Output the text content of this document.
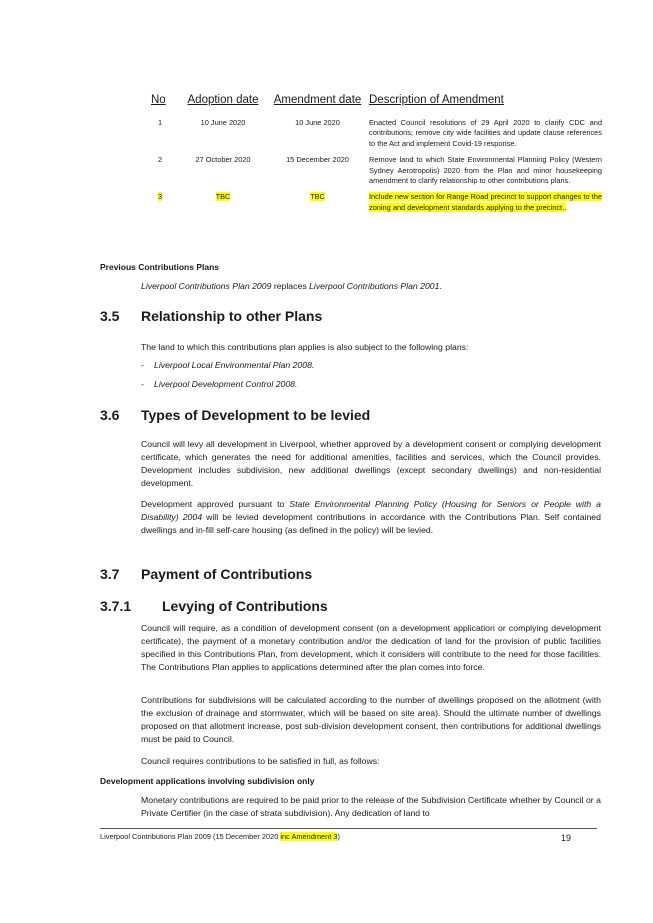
No	Adoption date	Amendment date	Description of Amendment
1	10 June 2020	10 June 2020	Enacted Council resolutions of 29 April 2020 to clarify CDC and contributions; remove city wide facilities and update clause references to the Act and implement Covid-19 response.
2	27 October 2020	15 December 2020	Remove land to which State Environmental Planning Policy (Western Sydney Aerotropolis) 2020 from the Plan and minor housekeeping amendment to clarify relationship to other contributions plans.
3	TBC	TBC	Include new section for Range Road precinct to support changes to the zoning and development standards applying to the precinct..

Previous Contributions Plans

Liverpool Contributions Plan 2009 replaces Liverpool Contributions Plan 2001.

3.5 Relationship to other Plans

The land to which this contributions plan applies is also subject to the following plans:

- Liverpool Local Environmental Plan 2008.

- Liverpool Development Control 2008.

3.6 Types of Development to be levied

Council will levy all development in Liverpool, whether approved by a development consent or complying development certificate, which generates the need for additional amenities, facilities and services, which the Council provides. Development includes subdivision, new additional dwellings (except secondary dwellings) and non-residential development.

Development approved pursuant to State Environmental Planning Policy (Housing for Seniors or People with a Disability) 2004 will be levied development contributions in accordance with the Contributions Plan. Self contained dwellings and in-fill self-care housing (as defined in the policy) will be levied.

3.7 Payment of Contributions

3.7.1 Levying of Contributions

Council will require, as a condition of development consent (on a development application or complying development certificate), the payment of a monetary contribution and/or the dedication of land for the provision of public facilities specified in this Contributions Plan, from development, which it considers will contribute to the need for those facilities. The Contributions Plan applies to applications determined after the plan comes into force.

Contributions for subdivisions will be calculated according to the number of dwellings proposed on the allotment (with the exclusion of drainage and stormwater, which will be based on site area). Should the ultimate number of dwellings proposed on that allotment increase, post sub-division development consent, then contributions for additional dwellings must be paid to Council.

Council requires contributions to be satisfied in full, as follows:

Development applications involving subdivision only

Monetary contributions are required to be paid prior to the release of the Subdivision Certificate whether by Council or a Private Certifier (in the case of strata subdivision). Any dedication of land to

Liverpool Contributions Plan 2009 (15 December 2020 inc Amendment 3)	19
